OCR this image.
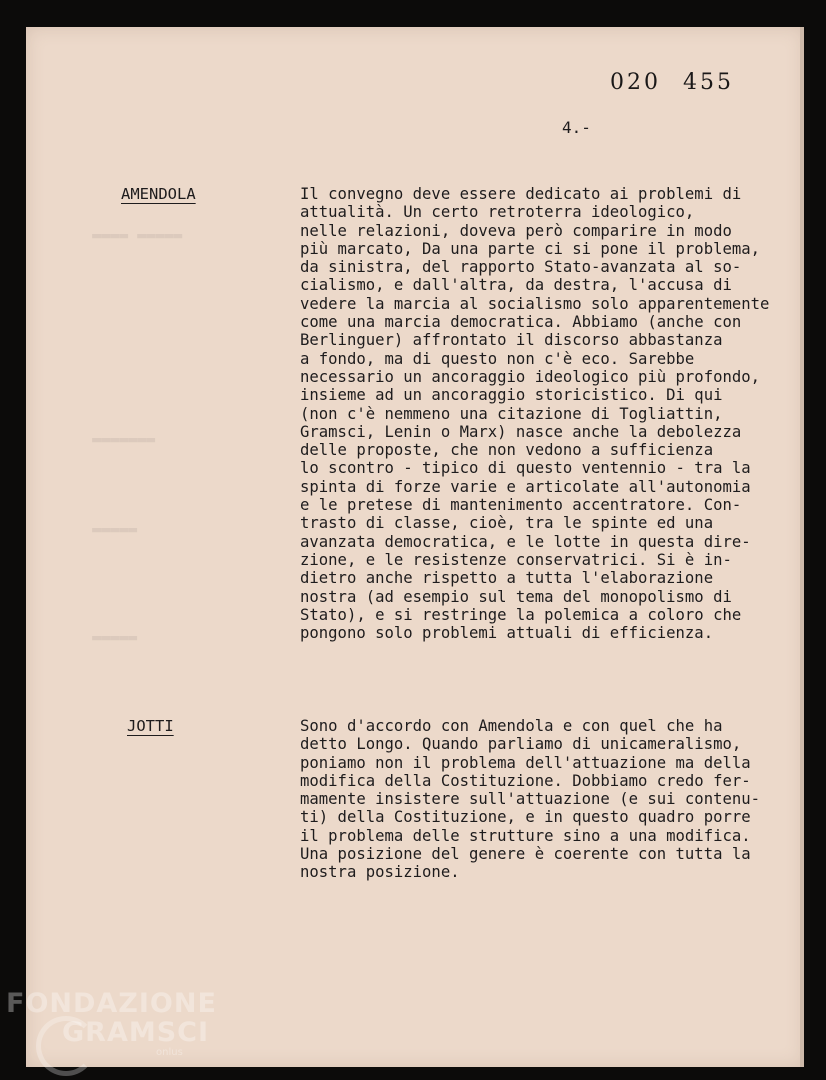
▬▬▬▬ ▬▬▬▬▬
▬▬▬▬▬▬▬
▬▬▬▬▬
▬▬▬▬▬
020 455
4.-
AMENDOLA	Il convegno deve essere dedicato ai problemi di
attualità. Un certo retroterra ideologico,
nelle relazioni, doveva però comparire in modo
più marcato, Da una parte ci si pone il problema,
da sinistra, del rapporto Stato-avanzata al so-
cialismo, e dall'altra, da destra, l'accusa di
vedere la marcia al socialismo solo apparentemente
come una marcia democratica. Abbiamo (anche con
Berlinguer) affrontato il discorso abbastanza
a fondo, ma di questo non c'è eco. Sarebbe
necessario un ancoraggio ideologico più profondo,
insieme ad un ancoraggio storicistico. Di qui
(non c'è nemmeno una citazione di Togliattin,
Gramsci, Lenin o Marx) nasce anche la debolezza
delle proposte, che non vedono a sufficienza
lo scontro - tipico di questo ventennio - tra la
spinta di forze varie e articolate all'autonomia
e le pretese di mantenimento accentratore. Con-
trasto di classe, cioè, tra le spinte ed una
avanzata democratica, e le lotte in questa dire-
zione, e le resistenze conservatrici. Si è in-
dietro anche rispetto a tutta l'elaborazione
nostra (ad esempio sul tema del monopolismo di
Stato), e si restringe la polemica a coloro che
pongono solo problemi attuali di efficienza.
JOTTI	Sono d'accordo con Amendola e con quel che ha
detto Longo. Quando parliamo di unicameralismo,
poniamo non il problema dell'attuazione ma della
modifica della Costituzione. Dobbiamo credo fer-
mamente insistere sull'attuazione (e sui contenu-
ti) della Costituzione, e in questo quadro porre
il problema delle strutture sino a una modifica.
Una posizione del genere è coerente con tutta la
nostra posizione.
FONDAZIONE
GRAMSCI
onlus
